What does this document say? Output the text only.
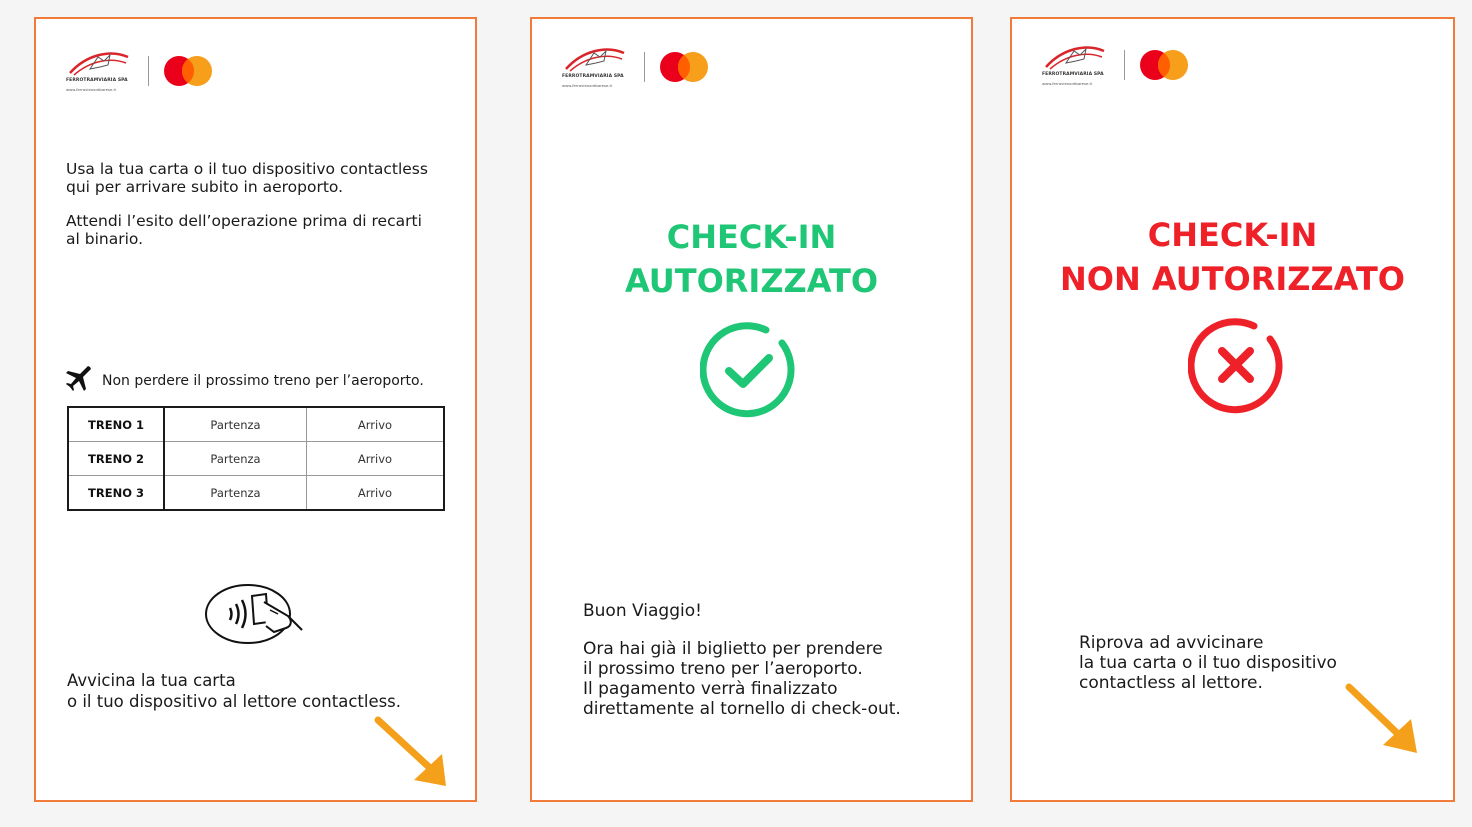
FERROTRAMVIARIA SPA
www.ferrovienordbarese.it

Usa la tua carta o il tuo dispositivo contactless
qui per arrivare subito in aeroporto.

Attendi l’esito dell’operazione prima di recarti
al binario.

Non perdere il prossimo treno per l’aeroporto.
TRENO 1	Partenza	Arrivo
TRENO 2	Partenza	Arrivo
TRENO 3	Partenza	Arrivo

Avvicina la tua carta
o il tuo dispositivo al lettore contactless.

FERROTRAMVIARIA SPA
www.ferrovienordbarese.it
CHECK-IN
AUTORIZZATO

Buon Viaggio!

Ora hai già il biglietto per prendere
il prossimo treno per l’aeroporto.
Il pagamento verrà finalizzato
direttamente al tornello di check-out.

FERROTRAMVIARIA SPA
www.ferrovienordbarese.it
CHECK-IN
NON AUTORIZZATO

Riprova ad avvicinare
la tua carta o il tuo dispositivo
contactless al lettore.
